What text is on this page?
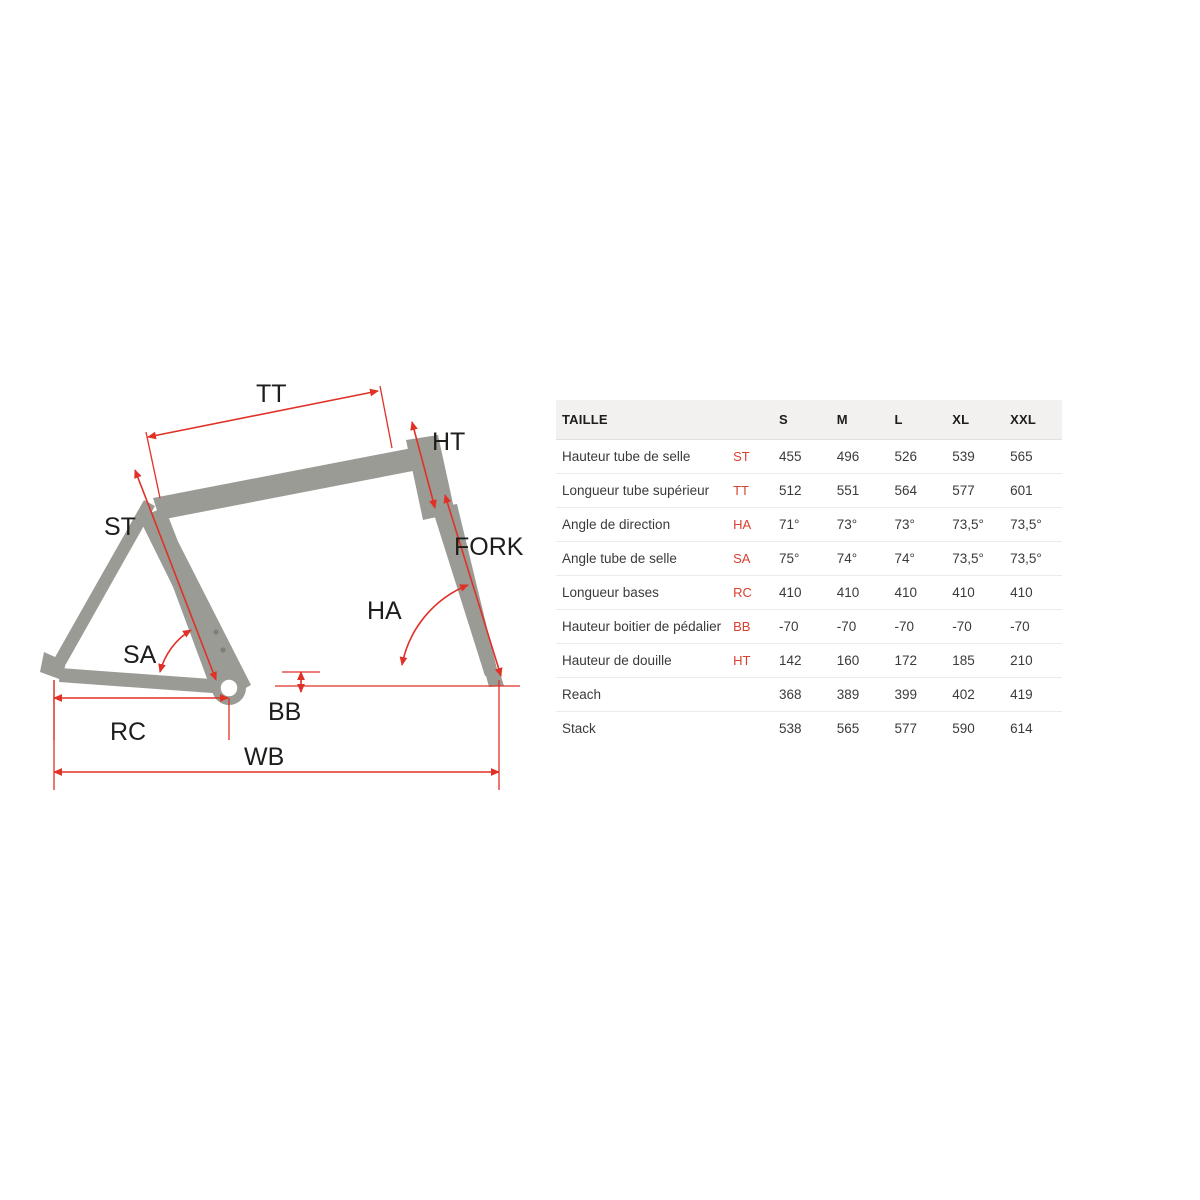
TT
HT
ST
FORK
HA
SA
BB
RC
WB
TAILLE		S	M	L	XL	XXL
Hauteur tube de selle	ST	455	496	526	539	565
Longueur tube supérieur	TT	512	551	564	577	601
Angle de direction	HA	71°	73°	73°	73,5°	73,5°
Angle tube de selle	SA	75°	74°	74°	73,5°	73,5°
Longueur bases	RC	410	410	410	410	410
Hauteur boitier de pédalier	BB	-70	-70	-70	-70	-70
Hauteur de douille	HT	142	160	172	185	210
Reach		368	389	399	402	419
Stack		538	565	577	590	614
